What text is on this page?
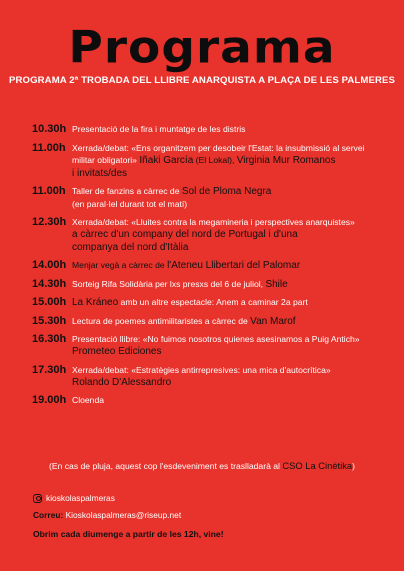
Programa
PROGRAMA 2ª TROBADA DEL LLIBRE ANARQUISTA A PLAÇA DE LES PALMERES
10.30h Presentació de la fira i muntatge de les distris
11.00h Xerrada/debat: «Ens organitzem per desobeir l'Estat: la insubmissió al servei
militar obligatori» Iñaki García (El Lokal), Virginia Mur Romanos
i invitats/des
11.00h Taller de fanzins a càrrec de Sol de Ploma Negra
(en paral·lel durant tot el matí)
12.30h Xerrada/debat: «Lluites contra la megamineria i perspectives anarquistes»
a càrrec d'un company del nord de Portugal i d'una
companya del nord d'Itàlia
14.00h Menjar vegà a càrrec de l'Ateneu Llibertari del Palomar
14.30h Sorteig Rifa Solidària per lxs presxs del 6 de juliol, Shile
15.00h La Kráneo amb un altre espectacle: Anem a caminar 2a part
15.30h Lectura de poemes antimilitaristes a càrrec de Van Marof
16.30h Presentació llibre: «No fuimos nosotros quienes asesinamos a Puig Antich»
Prometeo Ediciones
17.30h Xerrada/debat: «Estratègies antirrepresives: una mica d'autocrítica»
Rolando D'Alessandro
19.00h Cloenda
(En cas de pluja, aquest cop l'esdeveniment es traslladarà al CSO La Cinètika)
kioskolaspalmeras
Correu: Kioskolaspalmeras@riseup.net
Obrim cada diumenge a partir de les 12h, vine!
